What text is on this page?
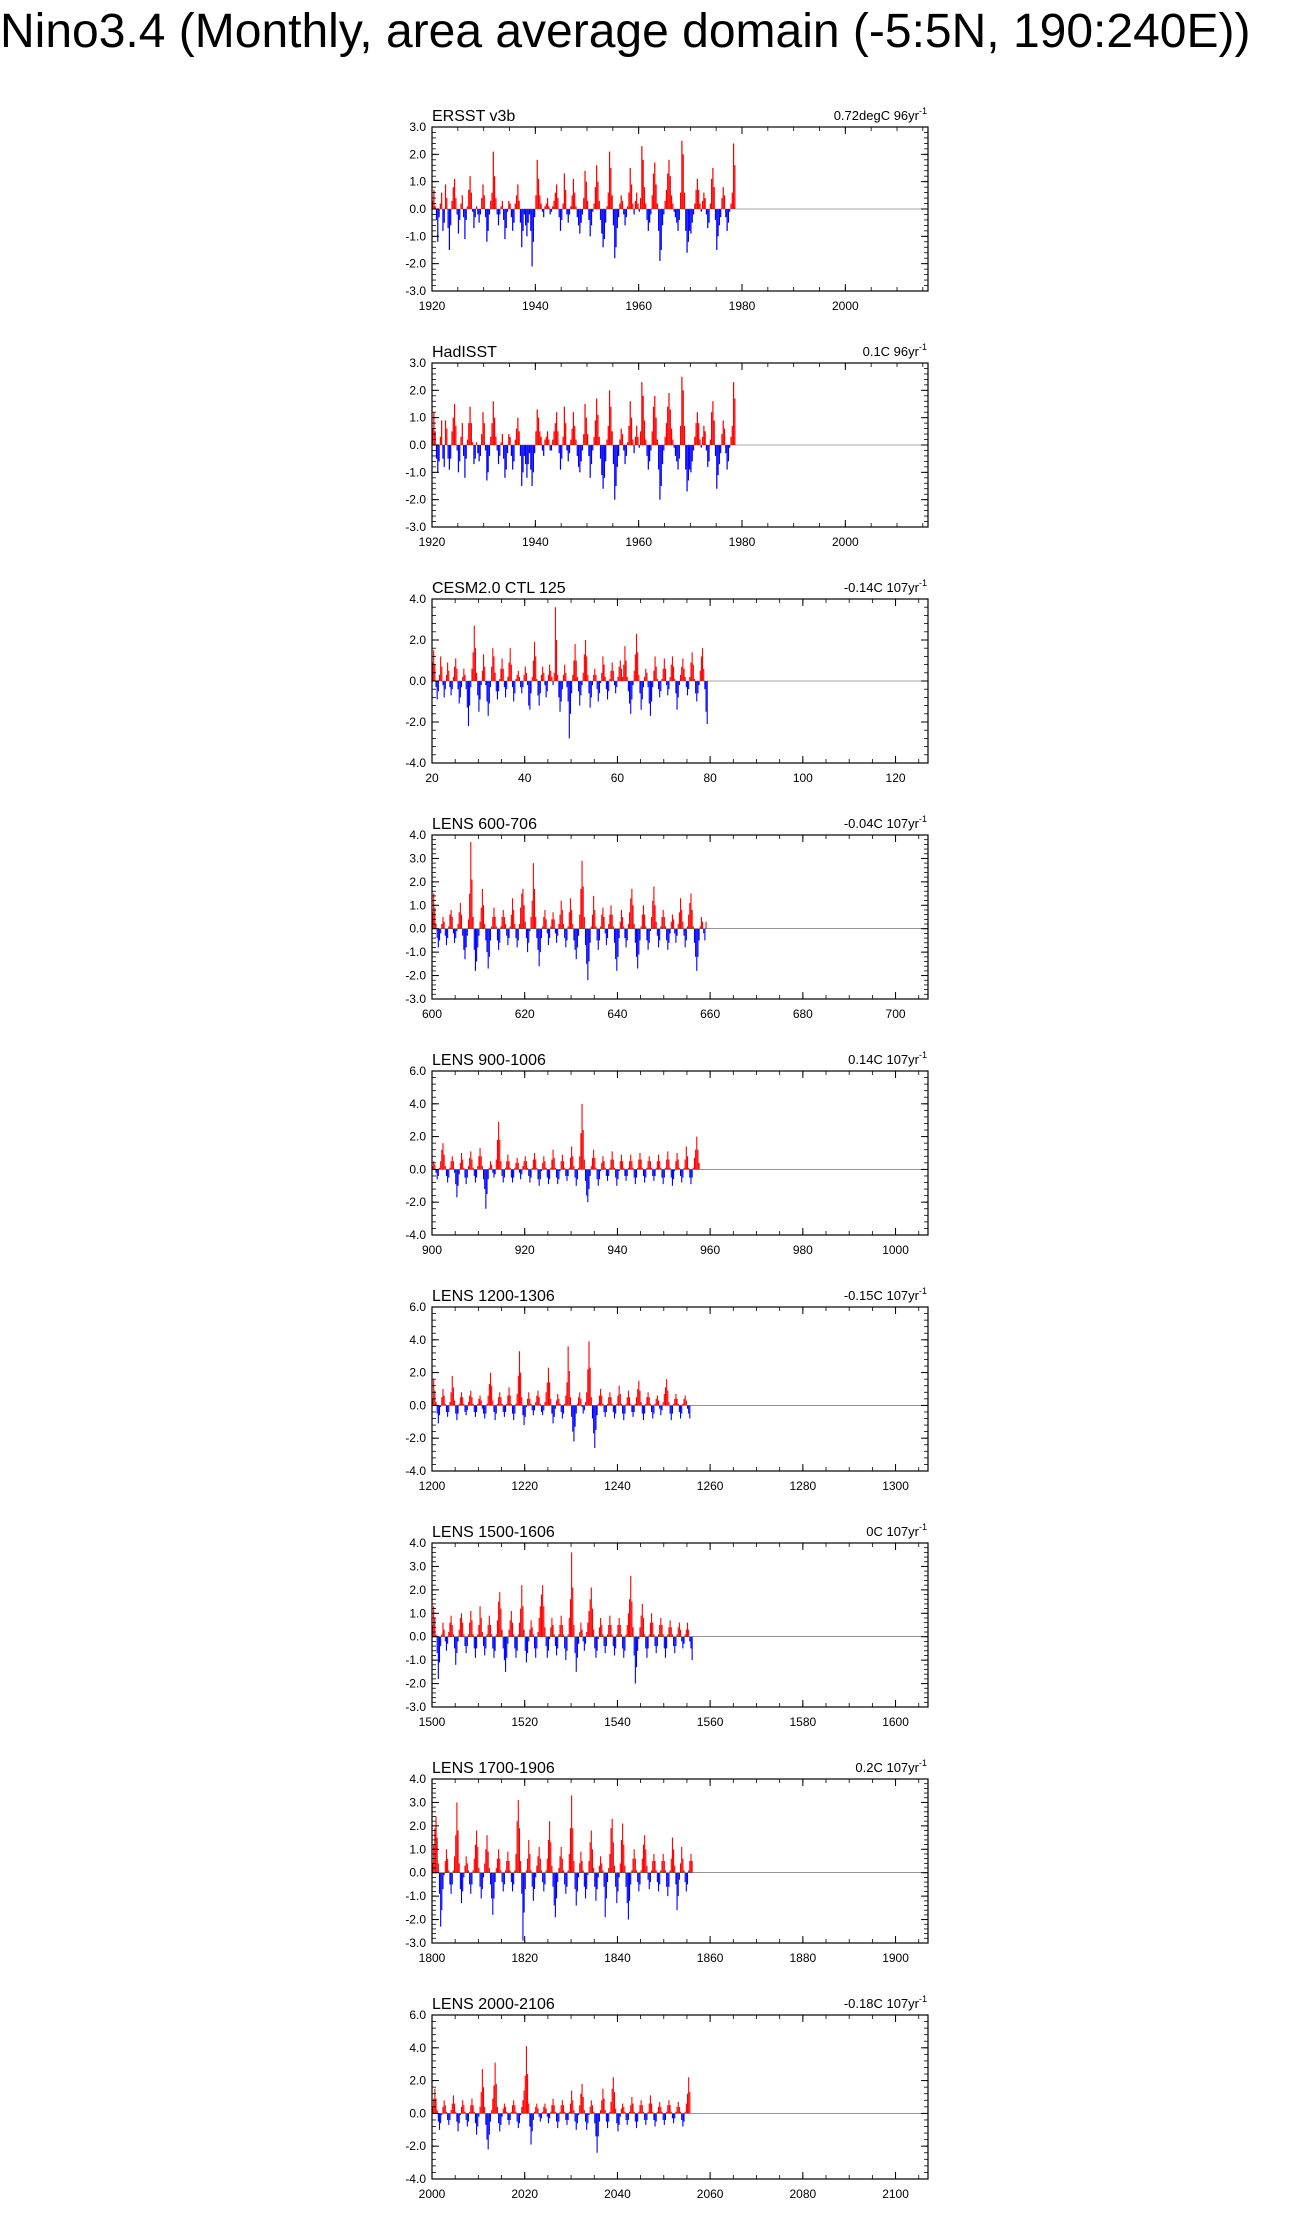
Nino3.4 (Monthly, area average domain (-5:5N, 190:240E))
3.0
2.0
1.0
0.0
-1.0
-2.0
-3.0
1920	1940	1960	1980	2000
ERSST v3b	0.72degC $96yr^{-1}$
3.0
2.0
1.0
0.0
-1.0
-2.0
-3.0
1920	1940	1960	1980	2000
HadISST	0.1C $96yr^{-1}$
4.0
2.0
0.0
-2.0
-4.0
20	40	60	80	100	120
CESM2.0 CTL 125	-0.14C $107yr^{-1}$
4.0
3.0
2.0
1.0
0.0
-1.0
-2.0
-3.0
600	620	640	660	680	700
LENS 600-706	-0.04C $107yr^{-1}$
6.0
4.0
2.0
0.0
-2.0
-4.0
900	920	940	960	980	1000
LENS 900-1006	0.14C $107yr^{-1}$
6.0
4.0
2.0
0.0
-2.0
-4.0
1200	1220	1240	1260	1280	1300
LENS 1200-1306	-0.15C $107yr^{-1}$
4.0
3.0
2.0
1.0
0.0
-1.0
-2.0
-3.0
1500	1520	1540	1560	1580	1600
LENS 1500-1606	0C $107yr^{-1}$
4.0
3.0
2.0
1.0
0.0
-1.0
-2.0
-3.0
1800	1820	1840	1860	1880	1900
LENS 1700-1906	0.2C $107yr^{-1}$
6.0
4.0
2.0
0.0
-2.0
-4.0
2000	2020	2040	2060	2080	2100
LENS 2000-2106	-0.18C $107yr^{-1}$
